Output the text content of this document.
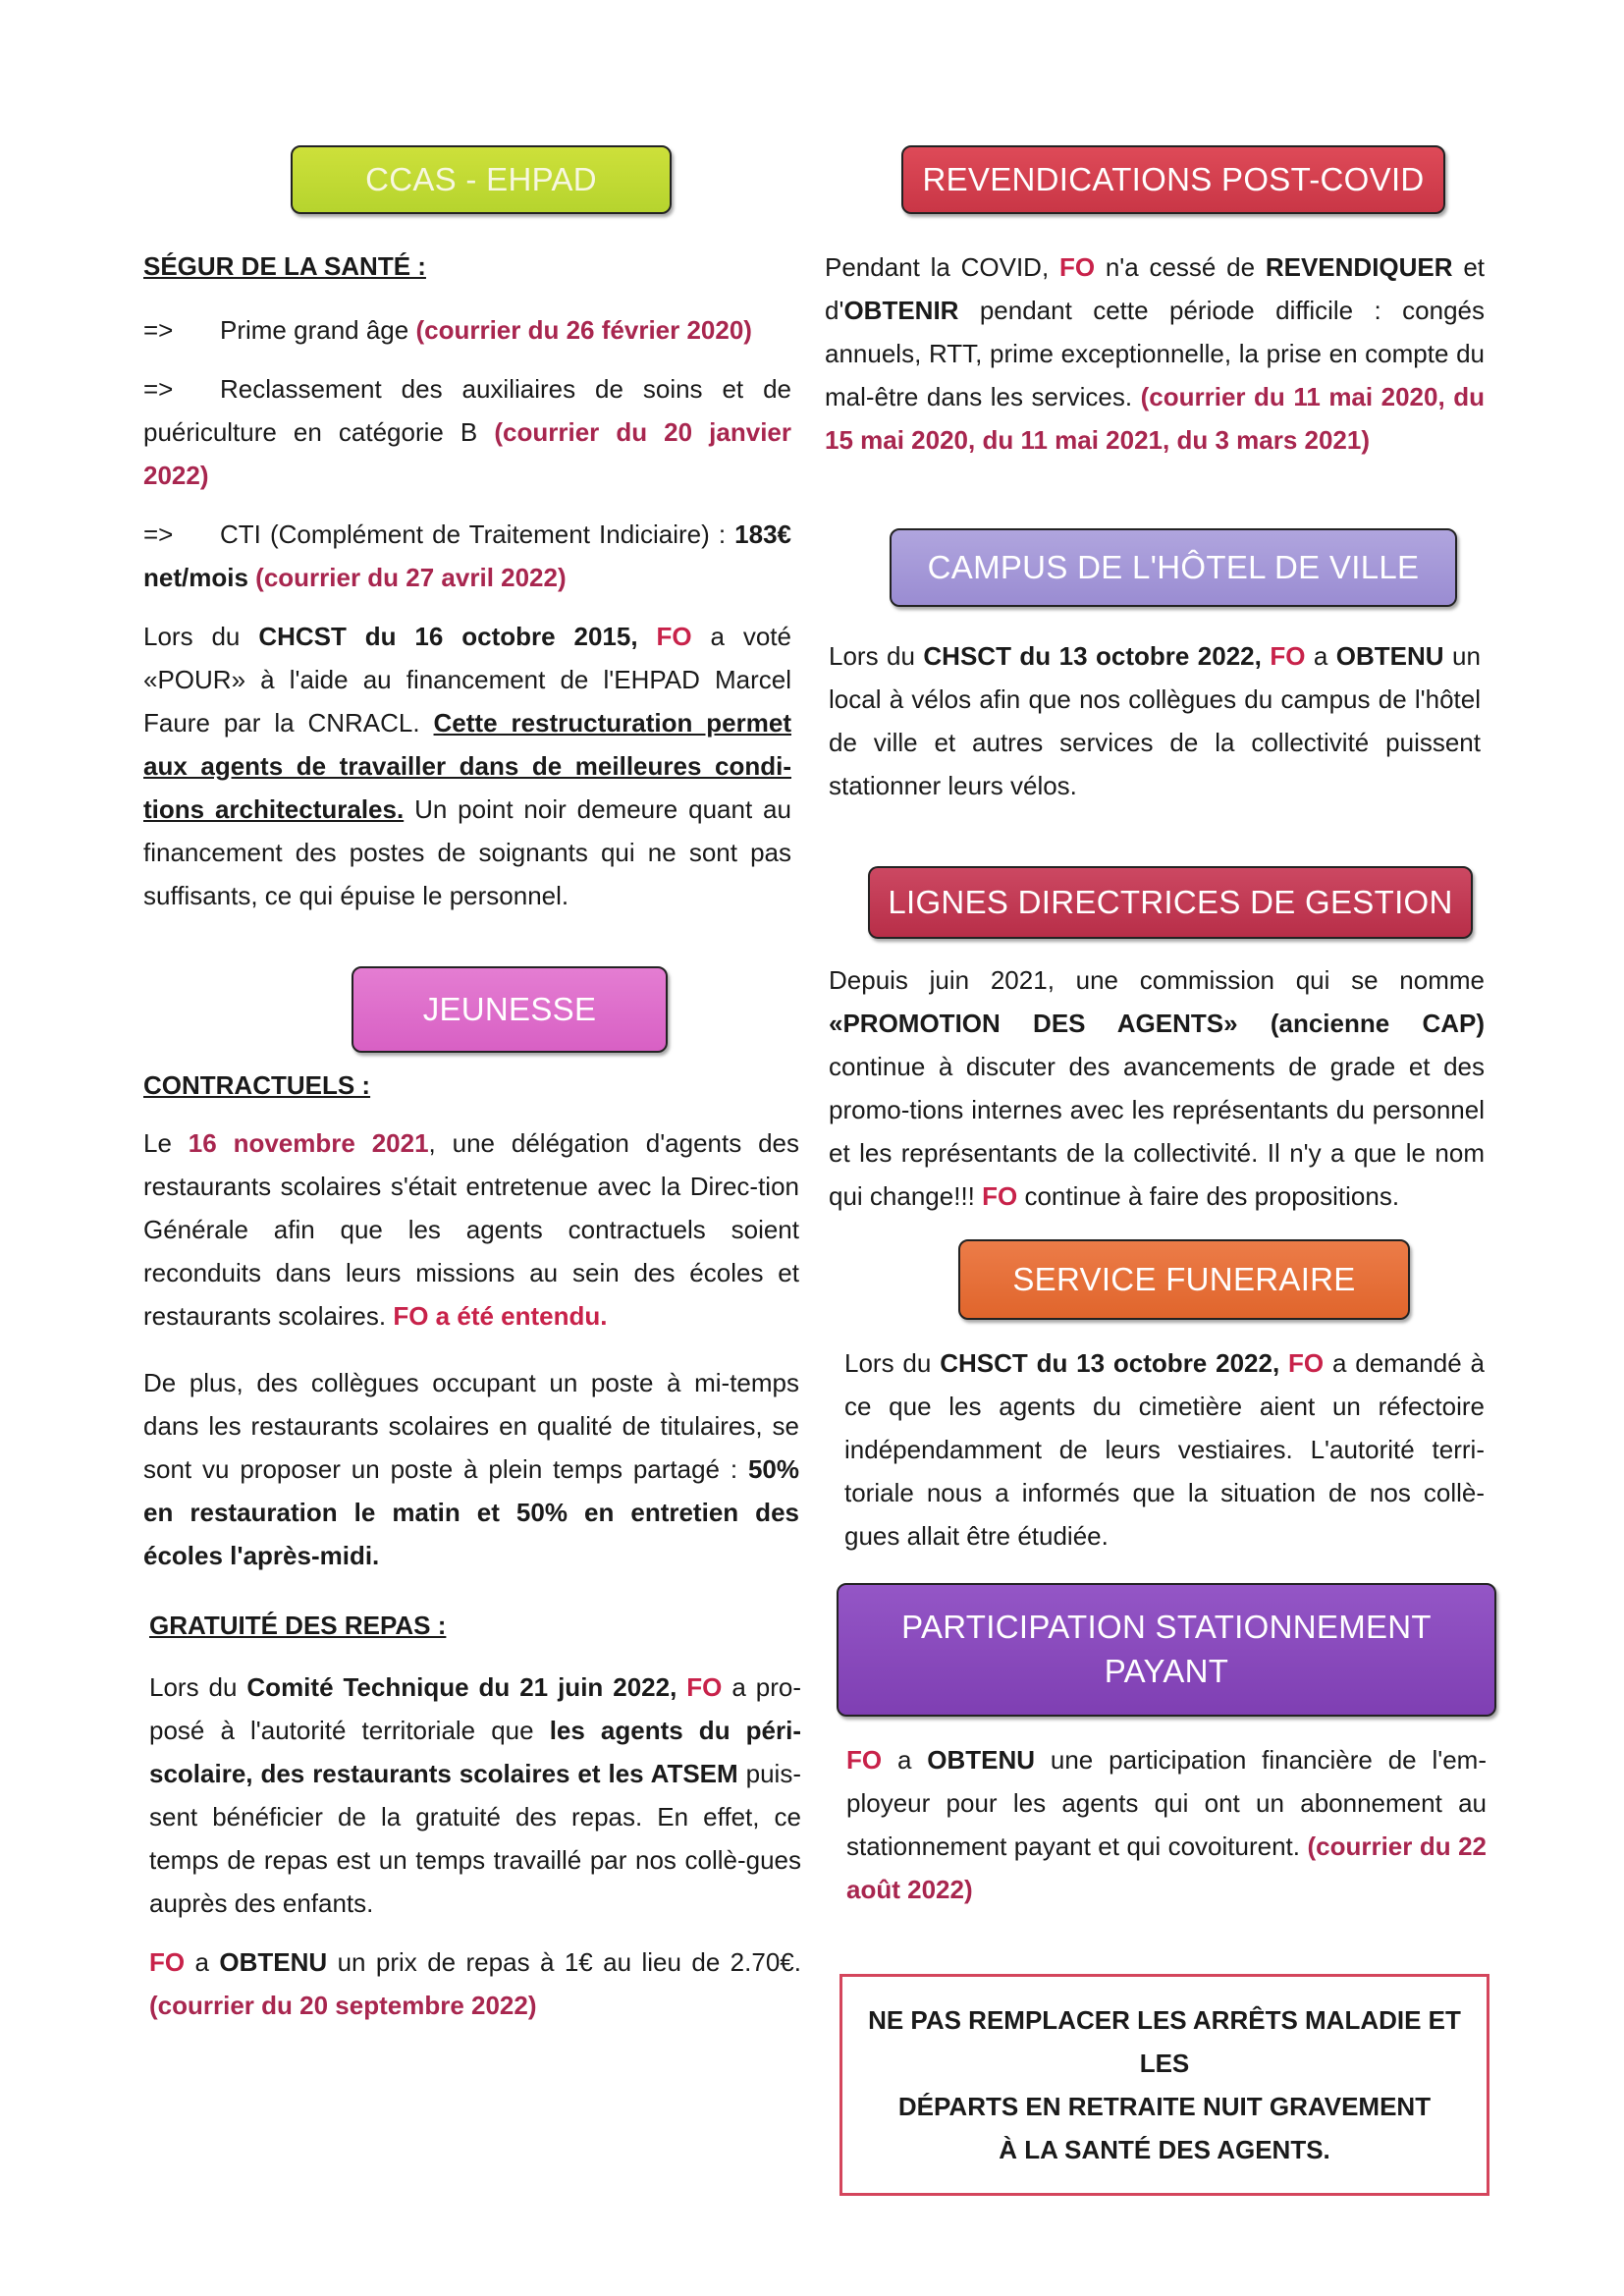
CCAS - EHPAD
SÉGUR DE LA SANTÉ :
=> Prime grand âge (courrier du 26 février 2020)
=> Reclassement des auxiliaires de soins et de puériculture en catégorie B (courrier du 20 janvier 2022)
=> CTI (Complément de Traitement Indiciaire) : 183€ net/mois (courrier du 27 avril 2022)
Lors du CHCST du 16 octobre 2015, FO a voté «POUR» à l'aide au financement de l'EHPAD Marcel Faure par la CNRACL. Cette restructuration permet aux agents de travailler dans de meilleures condi-tions architecturales. Un point noir demeure quant au financement des postes de soignants qui ne sont pas suffisants, ce qui épuise le personnel.
JEUNESSE
CONTRACTUELS :
Le 16 novembre 2021, une délégation d'agents des restaurants scolaires s'était entretenue avec la Direc-tion Générale afin que les agents contractuels soient reconduits dans leurs missions au sein des écoles et restaurants scolaires. FO a été entendu.
De plus, des collègues occupant un poste à mi-temps dans les restaurants scolaires en qualité de titulaires, se sont vu proposer un poste à plein temps partagé : 50% en restauration le matin et 50% en entretien des écoles l'après-midi.
GRATUITÉ DES REPAS :
Lors du Comité Technique du 21 juin 2022, FO a pro-posé à l'autorité territoriale que les agents du péri-scolaire, des restaurants scolaires et les ATSEM puis-sent bénéficier de la gratuité des repas. En effet, ce temps de repas est un temps travaillé par nos collè-gues auprès des enfants.
FO a OBTENU un prix de repas à 1€ au lieu de 2.70€. (courrier du 20 septembre 2022)
REVENDICATIONS POST-COVID
Pendant la COVID, FO n'a cessé de REVENDIQUER et d'OBTENIR pendant cette période difficile : congés annuels, RTT, prime exceptionnelle, la prise en compte du mal-être dans les services. (courrier du 11 mai 2020, du 15 mai 2020, du 11 mai 2021, du 3 mars 2021)
CAMPUS DE L'HÔTEL DE VILLE
Lors du CHSCT du 13 octobre 2022, FO a OBTENU un local à vélos afin que nos collègues du campus de l'hôtel de ville et autres services de la collectivité puissent stationner leurs vélos.
LIGNES DIRECTRICES DE GESTION
Depuis juin 2021, une commission qui se nomme «PROMOTION DES AGENTS» (ancienne CAP) continue à discuter des avancements de grade et des promo-tions internes avec les représentants du personnel et les représentants de la collectivité. Il n'y a que le nom qui change!!! FO continue à faire des propositions.
SERVICE FUNERAIRE
Lors du CHSCT du 13 octobre 2022, FO a demandé à ce que les agents du cimetière aient un réfectoire indépendamment de leurs vestiaires. L'autorité terri-toriale nous a informés que la situation de nos collè-gues allait être étudiée.
PARTICIPATION STATIONNEMENT
PAYANT
FO a OBTENU une participation financière de l'em-ployeur pour les agents qui ont un abonnement au stationnement payant et qui covoiturent. (courrier du 22 août 2022)
NE PAS REMPLACER LES ARRÊTS MALADIE ET LES
DÉPARTS EN RETRAITE NUIT GRAVEMENT
À LA SANTÉ DES AGENTS.
